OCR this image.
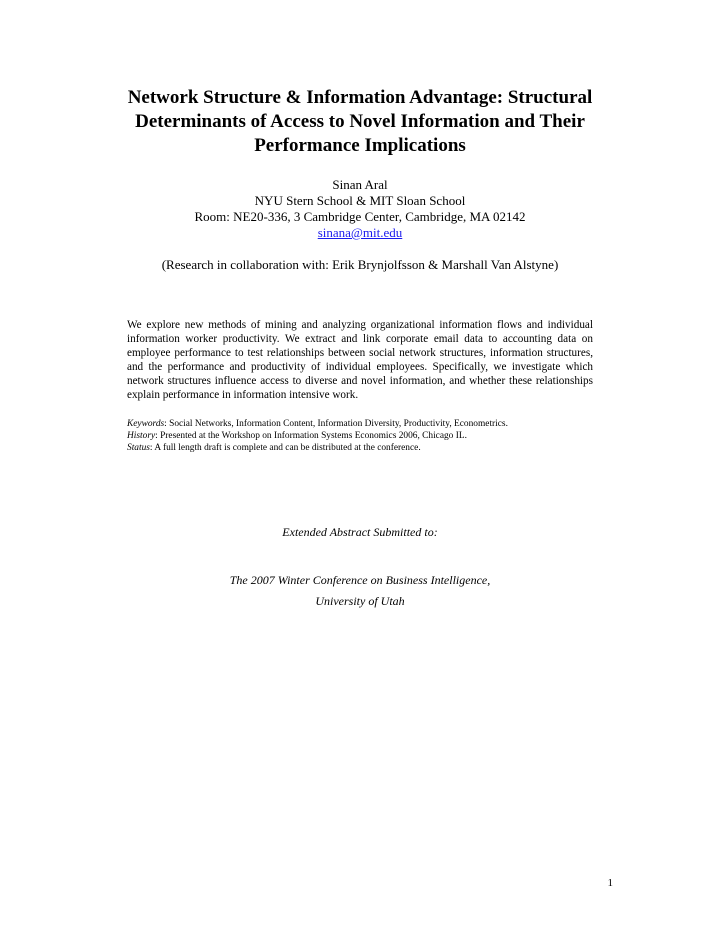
Network Structure & Information Advantage: Structural Determinants of Access to Novel Information and Their Performance Implications
Sinan Aral
NYU Stern School & MIT Sloan School
Room: NE20-336, 3 Cambridge Center, Cambridge, MA 02142
sinana@mit.edu
(Research in collaboration with: Erik Brynjolfsson & Marshall Van Alstyne)

We explore new methods of mining and analyzing organizational information flows and individual information worker productivity. We extract and link corporate email data to accounting data on employee performance to test relationships between social network structures, information structures, and the performance and productivity of individual employees. Specifically, we investigate which network structures influence access to diverse and novel information, and whether these relationships explain performance in information intensive work.

Keywords: Social Networks, Information Content, Information Diversity, Productivity, Econometrics.
History: Presented at the Workshop on Information Systems Economics 2006, Chicago IL.
Status: A full length draft is complete and can be distributed at the conference.
Extended Abstract Submitted to:
The 2007 Winter Conference on Business Intelligence,
University of Utah
1
